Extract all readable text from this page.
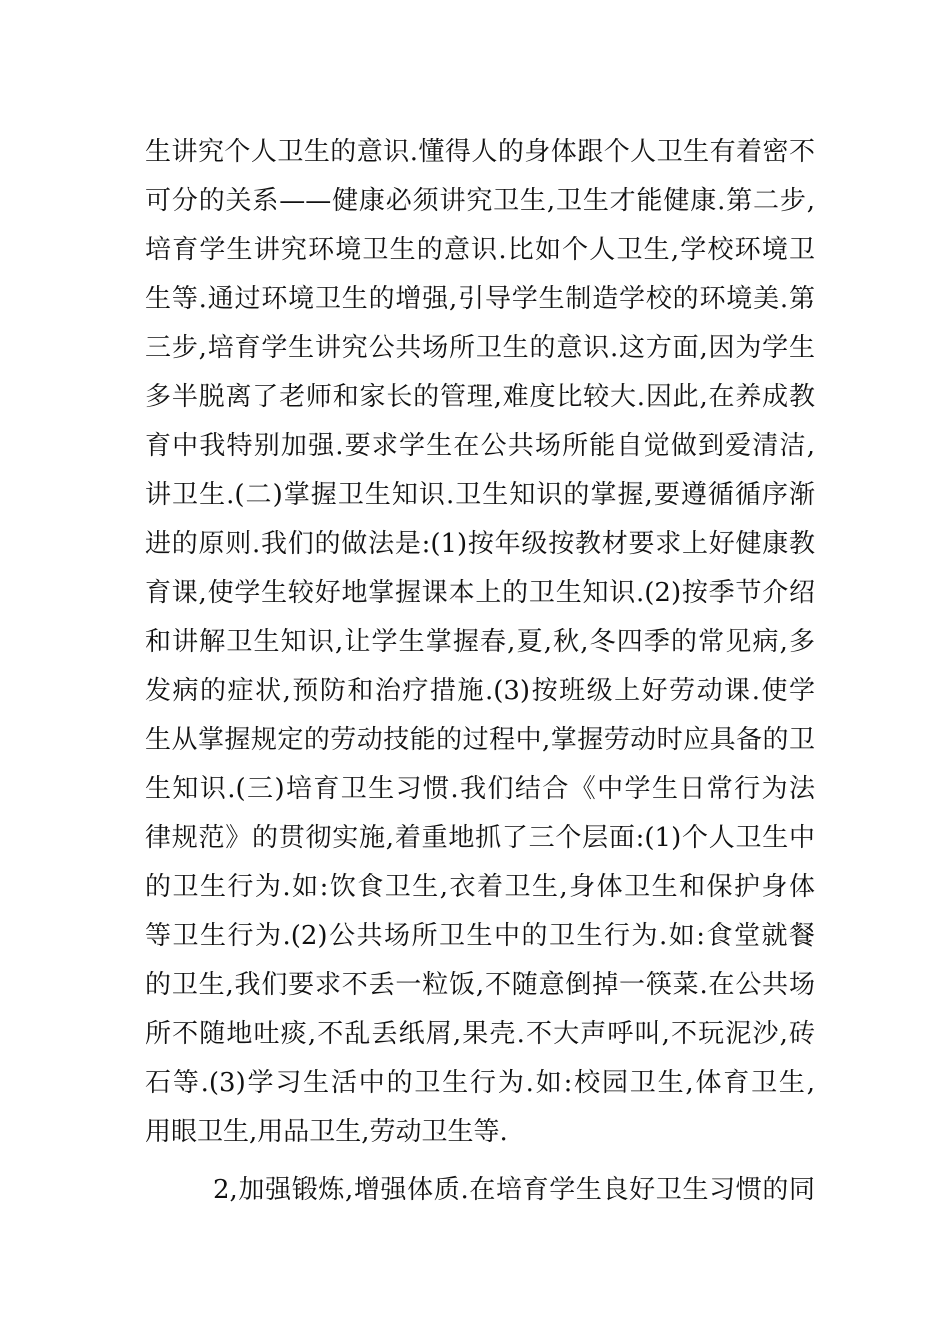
生讲究个人卫生的意识.懂得人的身体跟个人卫生有着密不
可分的关系——健康必须讲究卫生,卫生才能健康.第二步,
培育学生讲究环境卫生的意识.比如个人卫生,学校环境卫
生等.通过环境卫生的增强,引导学生制造学校的环境美.第
三步,培育学生讲究公共场所卫生的意识.这方面,因为学生
多半脱离了老师和家长的管理,难度比较大.因此,在养成教
育中我特别加强.要求学生在公共场所能自觉做到爱清洁,
讲卫生.(二)掌握卫生知识.卫生知识的掌握,要遵循循序渐
进的原则.我们的做法是:(1)按年级按教材要求上好健康教
育课,使学生较好地掌握课本上的卫生知识.(2)按季节介绍
和讲解卫生知识,让学生掌握春,夏,秋,冬四季的常见病,多
发病的症状,预防和治疗措施.(3)按班级上好劳动课.使学
生从掌握规定的劳动技能的过程中,掌握劳动时应具备的卫
生知识.(三)培育卫生习惯.我们结合《中学生日常行为法
律规范》的贯彻实施,着重地抓了三个层面:(1)个人卫生中
的卫生行为.如:饮食卫生,衣着卫生,身体卫生和保护身体
等卫生行为.(2)公共场所卫生中的卫生行为.如:食堂就餐
的卫生,我们要求不丢一粒饭,不随意倒掉一筷菜.在公共场
所不随地吐痰,不乱丢纸屑,果壳.不大声呼叫,不玩泥沙,砖
石等.(3)学习生活中的卫生行为.如:校园卫生,体育卫生,
用眼卫生,用品卫生,劳动卫生等.
2,加强锻炼,增强体质.在培育学生良好卫生习惯的同
